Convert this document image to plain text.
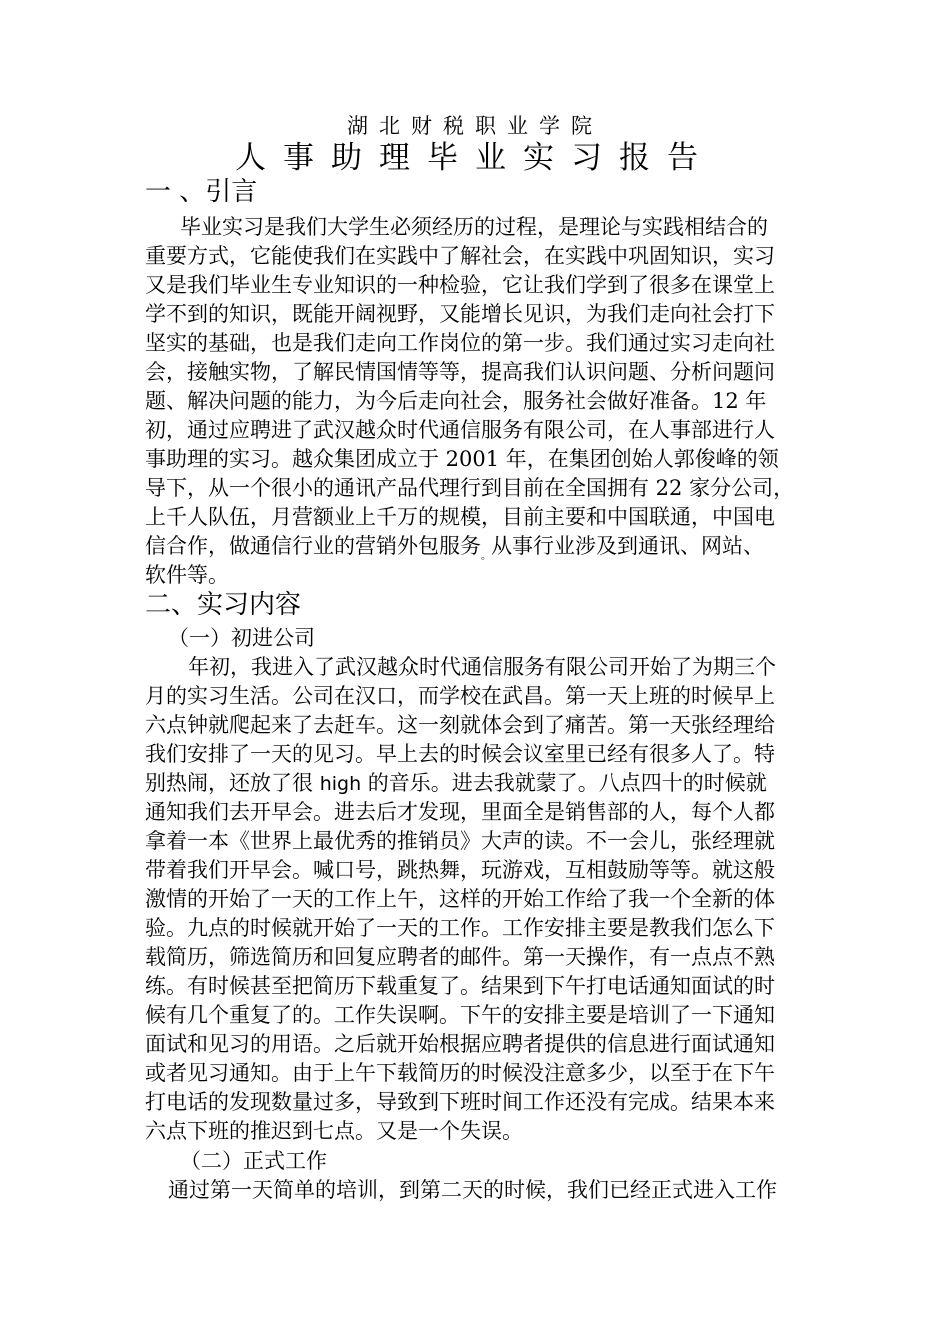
湖北财税职业学院
人事助理毕业实习报告
一 、引言
毕业实习是我们大学生必须经历的过程，是理论与实践相结合的
重要方式，它能使我们在实践中了解社会，在实践中巩固知识，实习
又是我们毕业生专业知识的一种检验，它让我们学到了很多在课堂上
学不到的知识，既能开阔视野，又能增长见识，为我们走向社会打下
坚实的基础，也是我们走向工作岗位的第一步。我们通过实习走向社
会，接触实物，了解民情国情等等，提高我们认识问题、分析问题问
题、解决问题的能力，为今后走向社会，服务社会做好准备。12 年
初，通过应聘进了武汉越众时代通信服务有限公司，在人事部进行人
事助理的实习。越众集团成立于 2001 年，在集团创始人郭俊峰的领
导下，从一个很小的通讯产品代理行到目前在全国拥有 22 家分公司，
上千人队伍，月营额业上千万的规模，目前主要和中国联通，中国电
信合作，做通信行业的营销外包服务$_。$从事行业涉及到通讯、网站、
软件等。
二、实习内容
（一）初进公司
年初，我进入了武汉越众时代通信服务有限公司开始了为期三个
月的实习生活。公司在汉口，而学校在武昌。第一天上班的时候早上
六点钟就爬起来了去赶车。这一刻就体会到了痛苦。第一天张经理给
我们安排了一天的见习。早上去的时候会议室里已经有很多人了。特
别热闹，还放了很 high 的音乐。进去我就蒙了。八点四十的时候就
通知我们去开早会。进去后才发现，里面全是销售部的人，每个人都
拿着一本《世界上最优秀的推销员》大声的读。不一会儿，张经理就
带着我们开早会。喊口号，跳热舞，玩游戏，互相鼓励等等。就这般
激情的开始了一天的工作上午，这样的开始工作给了我一个全新的体
验。九点的时候就开始了一天的工作。工作安排主要是教我们怎么下
载简历，筛选简历和回复应聘者的邮件。第一天操作，有一点点不熟
练。有时候甚至把简历下载重复了。结果到下午打电话通知面试的时
候有几个重复了的。工作失误啊。下午的安排主要是培训了一下通知
面试和见习的用语。之后就开始根据应聘者提供的信息进行面试通知
或者见习通知。由于上午下载简历的时候没注意多少，以至于在下午
打电话的发现数量过多，导致到下班时间工作还没有完成。结果本来
六点下班的推迟到七点。又是一个失误。
（二）正式工作
通过第一天简单的培训，到第二天的时候，我们已经正式进入工作
